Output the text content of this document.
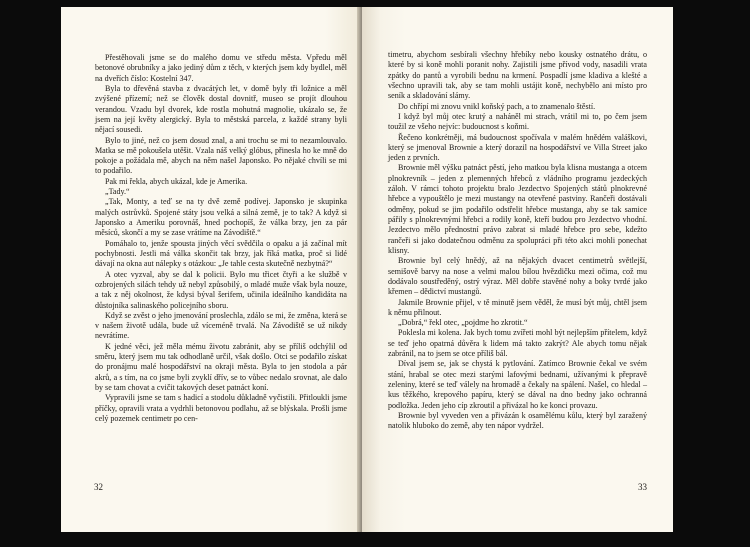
Přestěhovali jsme se do malého domu ve středu města. Vpředu měl betonové obrubníky a jako jediný dům z těch, v kterých jsem kdy bydlel, měl na dveřích číslo: Kostelní 347.

Byla to dřevěná stavba z dvacátých let, v domě byly tři ložnice a měl zvýšené přízemí; než se člověk dostal dovnitř, museo se projít dlouhou verandou. Vzadu byl dvorek, kde rostla mohutná magnolie, ukázalo se, že jsem na její květy alergický. Byla to městská parcela, z každé strany byli nějací sousedi.

Bylo to jiné, než co jsem dosud znal, a ani trochu se mi to nezamlouvalo. Matka se mě pokoušela utěšit. Vzala náš velký glóbus, přinesla ho ke mně do pokoje a požádala mě, abych na něm našel Japonsko. Po nějaké chvíli se mi to podařilo.

Pak mi řekla, abych ukázal, kde je Amerika.

„Tady.“

„Tak, Monty, a teď se na ty dvě země podívej. Japonsko je skupinka malých ostrůvků. Spojené státy jsou velká a silná země, je to tak? A když si Japonsko a Ameriku porovnáš, hned pochopíš, že válka brzy, jen za pár měsíců, skončí a my se zase vrátíme na Závodiště.“

Pomáhalo to, jenže spousta jiných věcí svědčila o opaku a já začínal mít pochybnosti. Jestli má válka skončit tak brzy, jak říká matka, proč si lidé dávají na okna aut nálepky s otázkou: „Je tahle cesta skutečně nezbytná?“

A otec vyzval, aby se dal k policii. Bylo mu třicet čtyři a ke službě v ozbrojených silách tehdy už nebyl způsobilý, o mladé muže však byla nouze, a tak z něj okolnost, že kdysi býval šerifem, učinila ideálního kandidáta na důstojníka salinaského policejního sboru.

Když se zvěst o jeho jmenování proslechla, zdálo se mi, že změna, která se v našem životě udála, bude už víceméně trvalá. Na Závodiště se už nikdy nevrátíme.

K jedné věci, jež měla mému životu zabránit, aby se příliš odchýlil od směru, který jsem mu tak odhodlaně určil, však došlo. Otci se podařilo získat do pronájmu malé hospodářství na okraji města. Byla to jen stodola a pár akrů, a s tím, na co jsme byli zvyklí dřív, se to vůbec nedalo srovnat, ale dalo by se tam chovat a cvičit takových deset patnáct koní.

Vypravili jsme se tam s hadicí a stodolu důkladně vyčistili. Přitloukli jsme příčky, opravili vrata a vydrhli betonovou podlahu, až se blýskala. Prošli jsme celý pozemek centimetr po cen-

32

timetru, abychom sesbírali všechny hřebíky nebo kousky ostnatého drátu, o které by si koně mohli poranit nohy. Zajistili jsme přívod vody, nasadili vrata zpátky do pantů a vyrobili bednu na krmení. Pospadlí jsme kladiva a klešté a všechno upravili tak, aby se tam mohli ustájit koně, nechybělo ani místo pro seník a skladování slámy.

Do chřípí mi znovu vnikl koňský pach, a to znamenalo štěstí.

I když byl můj otec krutý a naháněl mi strach, vrátil mi to, po čem jsem toužil ze všeho nejvíc: budoucnost s koňmi.

Řečeno konkrétněji, má budoucnost spočívala v malém hnědém valáškovi, který se jmenoval Brownie a který dorazil na hospodářství ve Villa Street jako jeden z prvních.

Brownie měl výšku patnáct pěstí, jeho matkou byla klisna mustanga a otcem plnokrevník – jeden z plemenných hřebců z vládního programu jezdeckých záloh. V rámci tohoto projektu bralo Jezdectvo Spojených států plnokrevné hřebce a vypouštělo je mezi mustangy na otevřené pastviny. Rančeři dostávali odměny, pokud se jim podařilo odstřelit hřebce mustanga, aby se tak samice pářily s plnokrevnými hřebci a rodily koně, kteří budou pro Jezdectvo vhodní. Jezdectvo mělo přednostní právo zabrat si mladé hřebce pro sebe, kdežto rančeři si jako dodatečnou odměnu za spolupráci při této akci mohli ponechat klisny.

Brownie byl celý hnědý, až na nějakých dvacet centimetrů světlejší, semišově barvy na nose a velmi malou bílou hvězdičku mezi očima, což mu dodávalo soustředěný, ostrý výraz. Měl dobře stavěné nohy a boky tvrdé jako křemen – dědictví mustangů.

Jakmile Brownie přijel, v tě minutě jsem věděl, že musí být můj, chtěl jsem k němu přilnout.

„Dobrá,“ řekl otec, „pojdme ho zkrotit.“

Poklesla mi kolena. Jak bych tomu zvířeti mohl být nejlepším přítelem, když se teď jeho opatrná důvěra k lidem má takto zakrýt? Ale abych tomu nějak zabránil, na to jsem se otce příliš bál.

Díval jsem se, jak se chystá k pytlování. Zatímco Brownie čekal ve svém stání, hrabal se otec mezi starými lafovými bednami, užívanými k přepravě zeleniny, které se teď válely na hromadě a čekaly na spálení. Našel, co hledal – kus těžkého, krepového papíru, který se dával na dno bedny jako ochranná podložka. Jeden jeho cíp zkroutil a přivázal ho ke konci provazu.

Brownie byl vyveden ven a přivázán k osamělému kůlu, který byl zaražený natolik hluboko do země, aby ten nápor vydržel.

33
